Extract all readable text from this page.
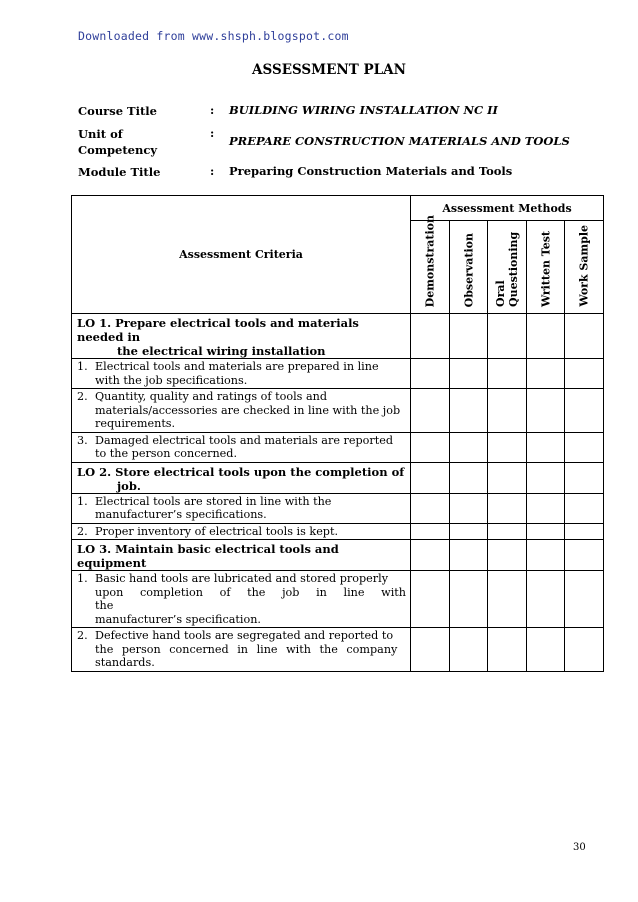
Downloaded from www.shsph.blogspot.com
ASSESSMENT PLAN
Course Title	: BUILDING WIRING INSTALLATION NC II
Unit of
Competency
:
PREPARE CONSTRUCTION MATERIALS AND TOOLS
Module Title	: Preparing Construction Materials and Tools
Assessment Criteria	Assessment Methods				

	Demonstration	Observation	Oral Questioning	Written Test	Work Sample

LO 1. Prepare electrical tools and materials needed in
the electrical wiring installation					

1. Electrical tools and materials are prepared in line
with the job specifications.					

2. Quantity, quality and ratings of tools and
materials/accessories are checked in line with the job
requirements.					

3. Damaged electrical tools and materials are reported
to the person concerned.					

LO 2. Store electrical tools upon the completion of
job.					

1. Electrical tools are stored in line with the
manufacturer’s specifications.					

2. Proper inventory of electrical tools is kept.					
LO 3. Maintain basic electrical tools and equipment					
1. Basic hand tools are lubricated and stored properly
upon completion of the job in line with the
manufacturer’s specification.					

2. Defective hand tools are segregated and reported to
the person concerned in line with the company
standards.					

30
